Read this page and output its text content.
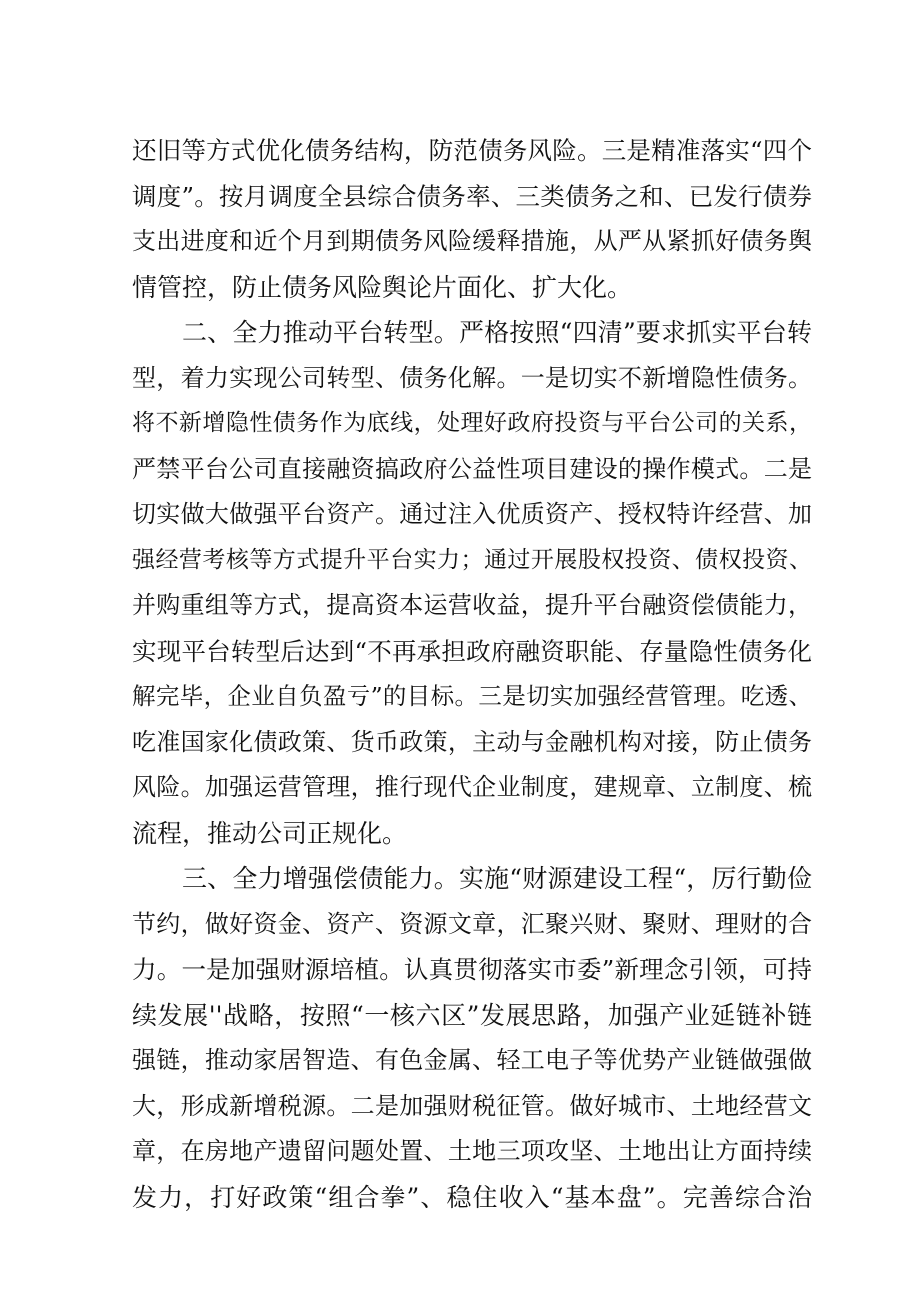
还旧等方式优化债务结构，防范债务风险。三是精准落实“四个
调度”。按月调度全县综合债务率、三类债务之和、已发行债券
支出进度和近个月到期债务风险缓释措施，从严从紧抓好债务舆
情管控，防止债务风险舆论片面化、扩大化。
二、全力推动平台转型。严格按照“四清”要求抓实平台转
型，着力实现公司转型、债务化解。一是切实不新增隐性债务。
将不新增隐性债务作为底线，处理好政府投资与平台公司的关系，
严禁平台公司直接融资搞政府公益性项目建设的操作模式。二是
切实做大做强平台资产。通过注入优质资产、授权特许经营、加
强经营考核等方式提升平台实力；通过开展股权投资、债权投资、
并购重组等方式，提高资本运营收益，提升平台融资偿债能力，
实现平台转型后达到“不再承担政府融资职能、存量隐性债务化
解完毕，企业自负盈亏”的目标。三是切实加强经营管理。吃透、
吃准国家化债政策、货币政策，主动与金融机构对接，防止债务
风险。加强运营管理，推行现代企业制度，建规章、立制度、梳
流程，推动公司正规化。
三、全力增强偿债能力。实施“财源建设工程“，厉行勤俭
节约，做好资金、资产、资源文章，汇聚兴财、聚财、理财的合
力。一是加强财源培植。认真贯彻落实市委”新理念引领，可持
续发展''战略，按照“一核六区”发展思路，加强产业延链补链
强链，推动家居智造、有色金属、轻工电子等优势产业链做强做
大，形成新增税源。二是加强财税征管。做好城市、土地经营文
章，在房地产遗留问题处置、土地三项攻坚、土地出让方面持续
发力，打好政策“组合拳”、稳住收入“基本盘”。完善综合治
